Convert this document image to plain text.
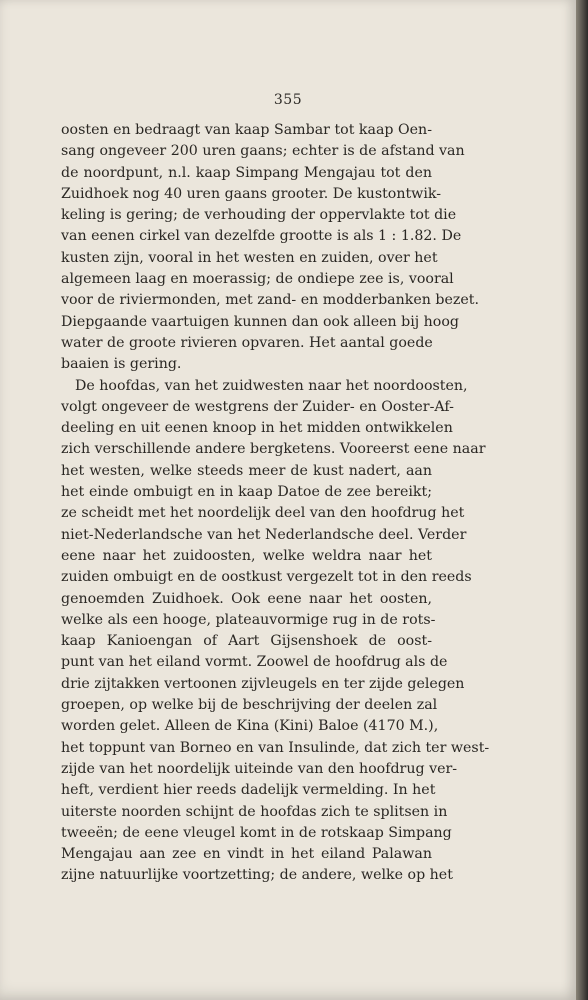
355
oosten en bedraagt van kaap Sambar tot kaap Oen-
sang ongeveer 200 uren gaans; echter is de afstand van
de noordpunt, n.l. kaap Simpang Mengajau tot den
Zuidhoek nog 40 uren gaans grooter. De kustontwik-
keling is gering; de verhouding der oppervlakte tot die
van eenen cirkel van dezelfde grootte is als 1 : 1.82. De
kusten zijn, vooral in het westen en zuiden, over het
algemeen laag en moerassig; de ondiepe zee is, vooral
voor de riviermonden, met zand- en modderbanken bezet.
Diepgaande vaartuigen kunnen dan ook alleen bij hoog
water de groote rivieren opvaren. Het aantal goede
baaien is gering.
De hoofdas, van het zuidwesten naar het noordoosten,
volgt ongeveer de westgrens der Zuider- en Ooster-Af-
deeling en uit eenen knoop in het midden ontwikkelen
zich verschillende andere bergketens. Vooreerst eene naar
het westen, welke steeds meer de kust nadert, aan
het einde ombuigt en in kaap Datoe de zee bereikt;
ze scheidt met het noordelijk deel van den hoofdrug het
niet-Nederlandsche van het Nederlandsche deel. Verder
eene naar het zuidoosten, welke weldra naar het
zuiden ombuigt en de oostkust vergezelt tot in den reeds
genoemden Zuidhoek. Ook eene naar het oosten,
welke als een hooge, plateauvormige rug in de rots-
kaap Kanioengan of Aart Gijsenshoek de oost-
punt van het eiland vormt. Zoowel de hoofdrug als de
drie zijtakken vertoonen zijvleugels en ter zijde gelegen
groepen, op welke bij de beschrijving der deelen zal
worden gelet. Alleen de Kina (Kini) Baloe (4170 M.),
het toppunt van Borneo en van Insulinde, dat zich ter west-
zijde van het noordelijk uiteinde van den hoofdrug ver-
heft, verdient hier reeds dadelijk vermelding. In het
uiterste noorden schijnt de hoofdas zich te splitsen in
tweeën; de eene vleugel komt in de rotskaap Simpang
Mengajau aan zee en vindt in het eiland Palawan
zijne natuurlijke voortzetting; de andere, welke op het
